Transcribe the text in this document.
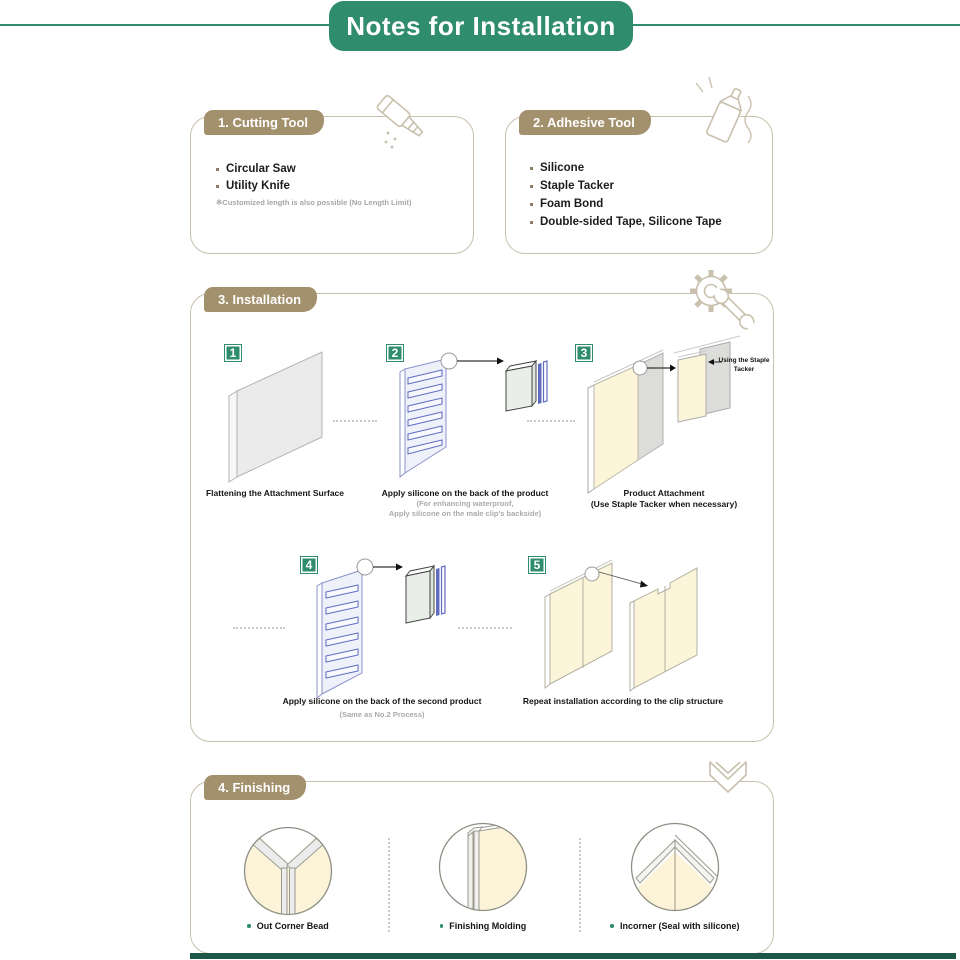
Notes for Installation
1. Cutting Tool
Circular Saw
Utility Knife
※Customized length is also possible (No Length Limit)
2. Adhesive Tool
Silicone
Staple Tacker
Foam Bond
Double-sided Tape, Silicone Tape
3. Installation
1	2	3
4	5
Using the Staple Tacker
Flattening the Attachment Surface	Apply silicone on the back of the product
(For enhancing waterproof,
Apply silicone on the male clip's backside)
Product Attachment
(Use Staple Tacker when necessary)
Apply silicone on the back of the second product
(Same as No.2 Process)
Repeat installation according to the clip structure
4. Finishing
Out Corner Bead	Finishing Molding	Incorner (Seal with silicone)
